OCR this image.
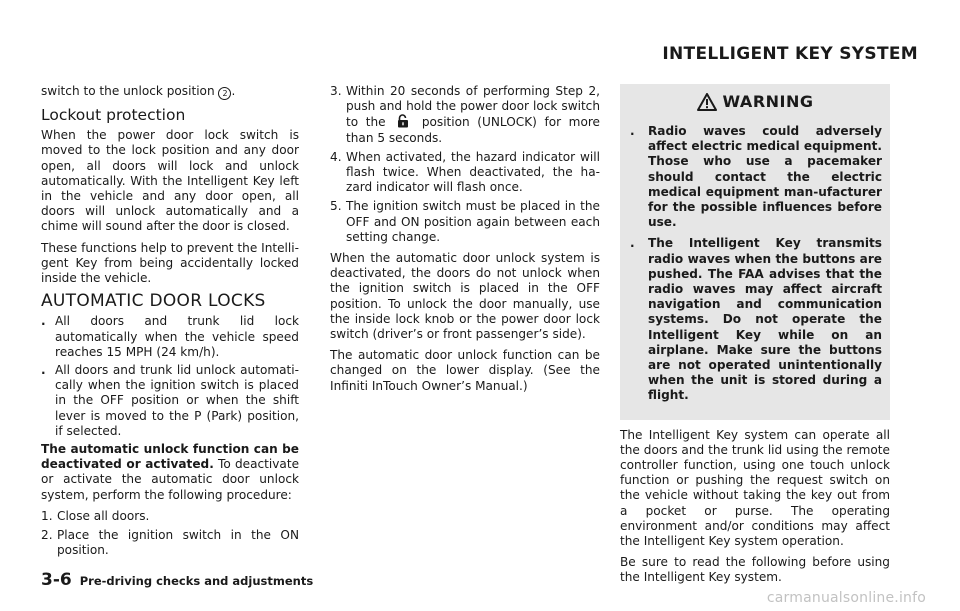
INTELLIGENT KEY SYSTEM

switch to the unlock position 2 .

Lockout protection

When the power door lock switch is moved to the lock position and any door open, all doors will lock and unlock automatically. With the Intelligent Key left in the vehicle and any door open, all doors will unlock automatically and a chime will sound after the door is closed.

These functions help to prevent the Intelli-gent Key from being accidentally locked inside the vehicle.

AUTOMATIC DOOR LOCKS
. All doors and trunk lid lock automatically when the vehicle speed reaches 15 MPH (24 km/h).
. All doors and trunk lid unlock automati-cally when the ignition switch is placed in the OFF position or when the shift lever is moved to the P (Park) position, if selected.

The automatic unlock function can be deactivated or activated. To deactivate or activate the automatic door unlock system, perform the following procedure:

1. Close all doors.
2. Place the ignition switch in the ON position.
3. Within 20 seconds of performing Step 2, push and hold the power door lock switch to the	position (UNLOCK) for more than 5 seconds.
4. When activated, the hazard indicator will flash twice. When deactivated, the ha-zard indicator will flash once.
5. The ignition switch must be placed in the OFF and ON position again between each setting change.

When the automatic door unlock system is deactivated, the doors do not unlock when the ignition switch is placed in the OFF position. To unlock the door manually, use the inside lock knob or the power door lock switch (driver’s or front passenger’s side).

The automatic door unlock function can be changed on the lower display. (See the Infiniti InTouch Owner’s Manual.)

WARNING
. Radio waves could adversely affect electric medical equipment. Those who use a pacemaker should contact the electric medical equipment man-ufacturer for the possible influences before use.
. The Intelligent Key transmits radio waves when the buttons are pushed. The FAA advises that the radio waves may affect aircraft navigation and communication systems. Do not operate the Intelligent Key while on an airplane. Make sure the buttons are not operated unintentionally when the unit is stored during a flight.

The Intelligent Key system can operate all the doors and the trunk lid using the remote controller function, using one touch unlock function or pushing the request switch on the vehicle without taking the key out from a pocket or purse. The operating environment and/or conditions may affect the Intelligent Key system operation.

Be sure to read the following before using the Intelligent Key system.

3-6 Pre-driving checks and adjustments
carmanualsonline.info
